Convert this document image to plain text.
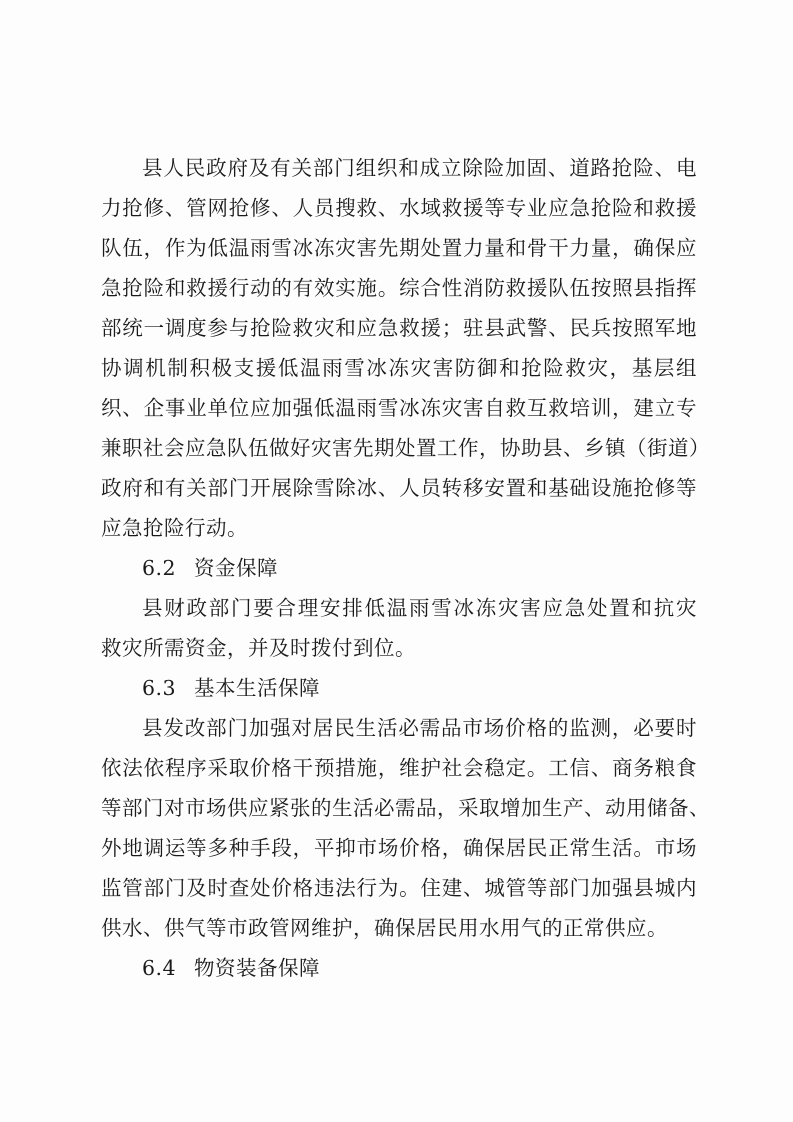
县人民政府及有关部门组织和成立除险加固、道路抢险、电
力抢修、管网抢修、人员搜救、水域救援等专业应急抢险和救援
队伍，作为低温雨雪冰冻灾害先期处置力量和骨干力量，确保应
急抢险和救援行动的有效实施。综合性消防救援队伍按照县指挥
部统一调度参与抢险救灾和应急救援；驻县武警、民兵按照军地
协调机制积极支援低温雨雪冰冻灾害防御和抢险救灾，基层组
织、企事业单位应加强低温雨雪冰冻灾害自救互救培训，建立专
兼职社会应急队伍做好灾害先期处置工作，协助县、乡镇（街道）
政府和有关部门开展除雪除冰、人员转移安置和基础设施抢修等
应急抢险行动。
6.2 资金保障
县财政部门要合理安排低温雨雪冰冻灾害应急处置和抗灾
救灾所需资金，并及时拨付到位。
6.3 基本生活保障
县发改部门加强对居民生活必需品市场价格的监测，必要时
依法依程序采取价格干预措施，维护社会稳定。工信、商务粮食
等部门对市场供应紧张的生活必需品，采取增加生产、动用储备、
外地调运等多种手段，平抑市场价格，确保居民正常生活。市场
监管部门及时查处价格违法行为。住建、城管等部门加强县城内
供水、供气等市政管网维护，确保居民用水用气的正常供应。
6.4 物资装备保障
